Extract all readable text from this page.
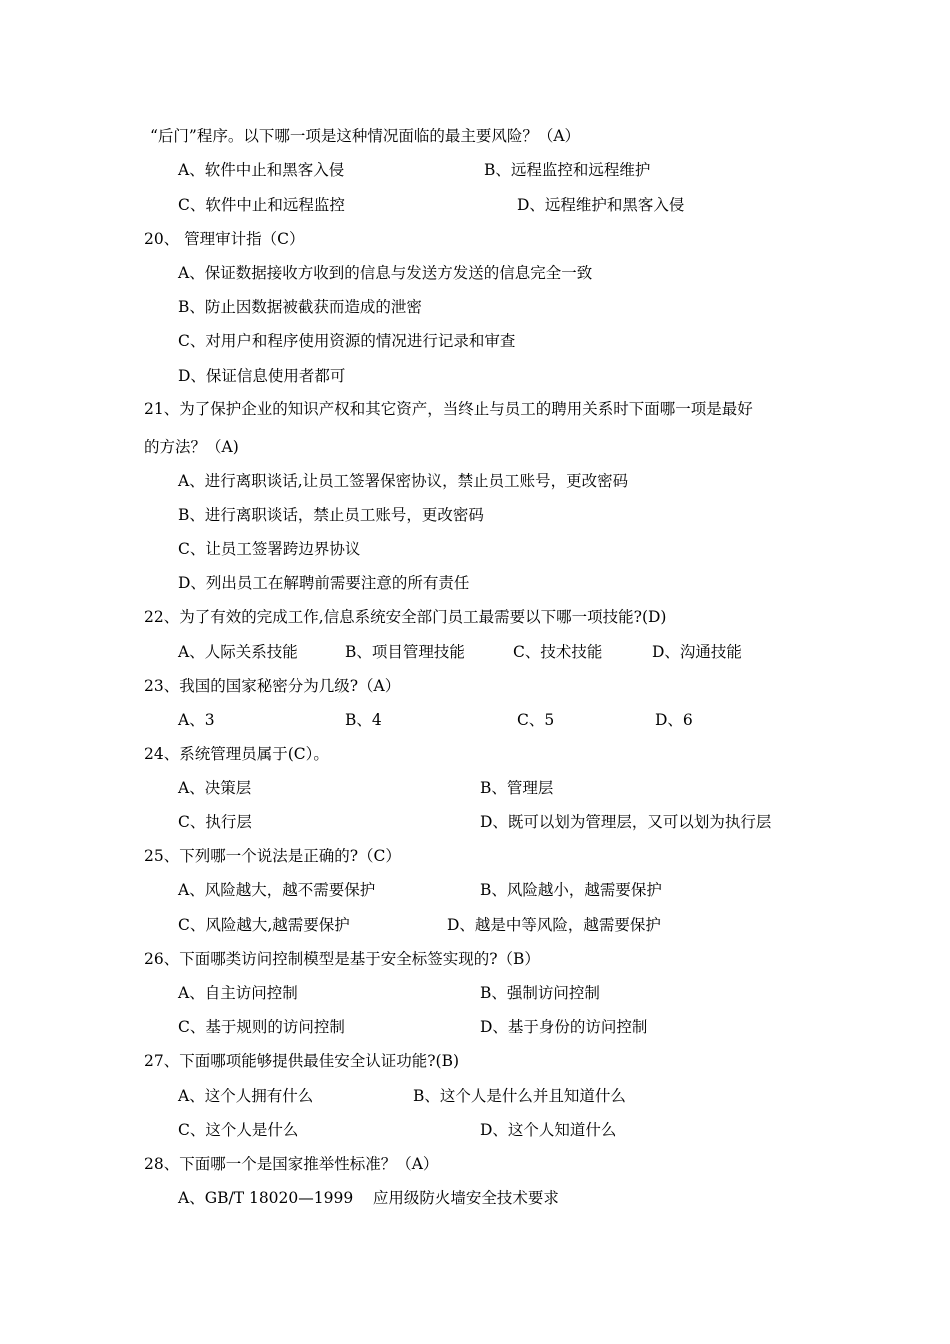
“后门”程序。以下哪一项是这种情况面临的最主要风险？（A）
A、软件中止和黑客入侵	B、远程监控和远程维护
C、软件中止和远程监控	D、远程维护和黑客入侵
20、 管理审计指（C）
A、保证数据接收方收到的信息与发送方发送的信息完全一致
B、防止因数据被截获而造成的泄密
C、对用户和程序使用资源的情况进行记录和审查
D、保证信息使用者都可
21、为了保护企业的知识产权和其它资产，当终止与员工的聘用关系时下面哪一项是最好
的方法？（A)
A、进行离职谈话,让员工签署保密协议，禁止员工账号，更改密码
B、进行离职谈话，禁止员工账号，更改密码
C、让员工签署跨边界协议
D、列出员工在解聘前需要注意的所有责任
22、为了有效的完成工作,信息系统安全部门员工最需要以下哪一项技能?(D)
A、人际关系技能	B、项目管理技能	C、技术技能	D、沟通技能
23、我国的国家秘密分为几级?（A）
A、3	B、4	C、5	D、6
24、系统管理员属于(C）。
A、决策层	B、管理层
C、执行层	D、既可以划为管理层，又可以划为执行层
25、下列哪一个说法是正确的?（C）
A、风险越大，越不需要保护	B、风险越小，越需要保护
C、风险越大,越需要保护	D、越是中等风险，越需要保护
26、下面哪类访问控制模型是基于安全标签实现的?（B）
A、自主访问控制	B、强制访问控制
C、基于规则的访问控制	D、基于身份的访问控制
27、下面哪项能够提供最佳安全认证功能?(B)
A、这个人拥有什么	B、这个人是什么并且知道什么
C、这个人是什么	D、这个人知道什么
28、下面哪一个是国家推举性标准？（A）
A、GB/T 18020—1999    应用级防火墙安全技术要求
